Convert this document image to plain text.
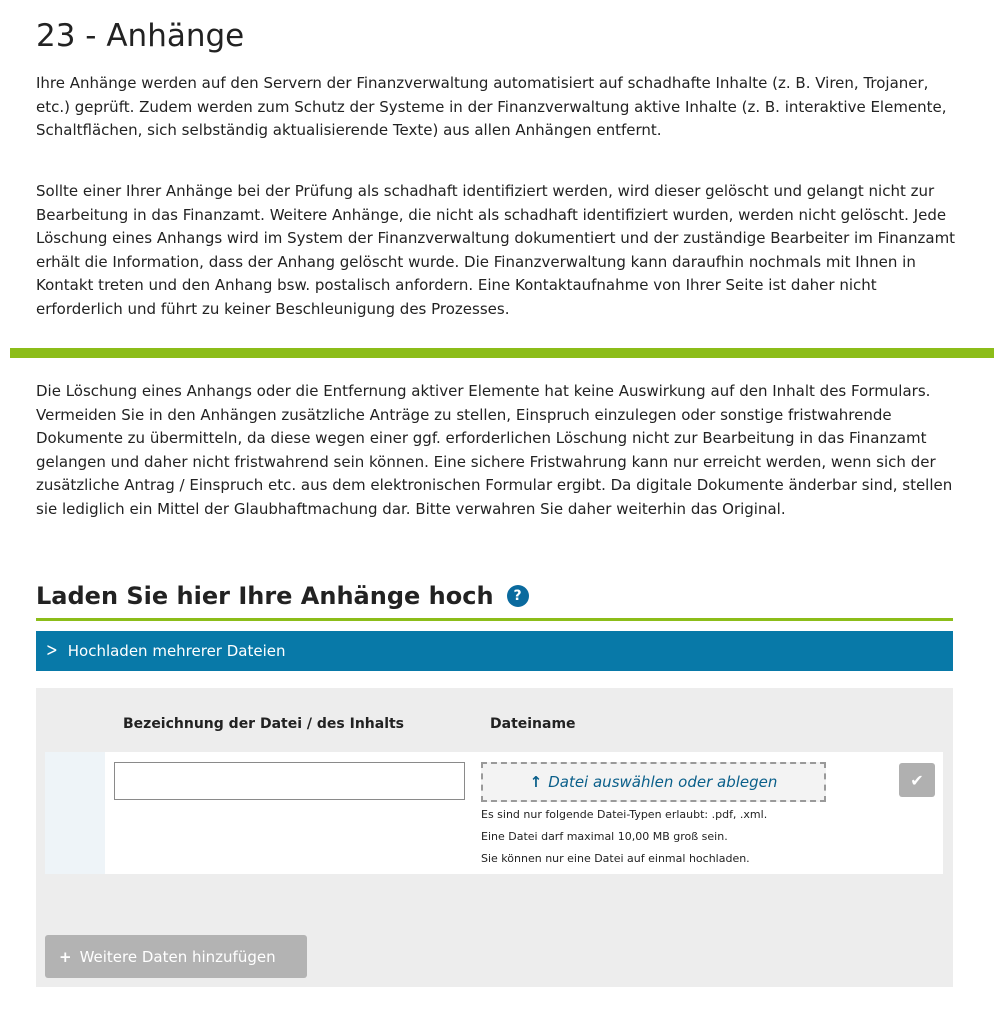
23 - Anhänge

Ihre Anhänge werden auf den Servern der Finanzverwaltung automatisiert auf schadhafte Inhalte (z. B. Viren, Trojaner, etc.) geprüft. Zudem werden zum Schutz der Systeme in der Finanzverwaltung aktive Inhalte (z. B. interaktive Elemente, Schaltflächen, sich selbständig aktualisierende Texte) aus allen Anhängen entfernt.

Sollte einer Ihrer Anhänge bei der Prüfung als schadhaft identifiziert werden, wird dieser gelöscht und gelangt nicht zur Bearbeitung in das Finanzamt. Weitere Anhänge, die nicht als schadhaft identifiziert wurden, werden nicht gelöscht. Jede Löschung eines Anhangs wird im System der Finanzverwaltung dokumentiert und der zuständige Bearbeiter im Finanzamt erhält die Information, dass der Anhang gelöscht wurde. Die Finanzverwaltung kann daraufhin nochmals mit Ihnen in Kontakt treten und den Anhang bsw. postalisch anfordern. Eine Kontaktaufnahme von Ihrer Seite ist daher nicht erforderlich und führt zu keiner Beschleunigung des Prozesses.

Die Löschung eines Anhangs oder die Entfernung aktiver Elemente hat keine Auswirkung auf den Inhalt des Formulars. Vermeiden Sie in den Anhängen zusätzliche Anträge zu stellen, Einspruch einzulegen oder sonstige fristwahrende Dokumente zu übermitteln, da diese wegen einer ggf. erforderlichen Löschung nicht zur Bearbeitung in das Finanzamt gelangen und daher nicht fristwahrend sein können. Eine sichere Fristwahrung kann nur erreicht werden, wenn sich der zusätzliche Antrag / Einspruch etc. aus dem elektronischen Formular ergibt. Da digitale Dokumente änderbar sind, stellen sie lediglich ein Mittel der Glaubhaftmachung dar. Bitte verwahren Sie daher weiterhin das Original.

Laden Sie hier Ihre Anhänge hoch	?
> Hochladen mehrerer Dateien
Bezeichnung der Datei / des Inhalts	Dateiname
↑ Datei auswählen oder ablegen
Es sind nur folgende Datei-Typen erlaubt: .pdf, .xml.
Eine Datei darf maximal 10,00 MB groß sein.
Sie können nur eine Datei auf einmal hochladen.
✔
+ Weitere Daten hinzufügen
